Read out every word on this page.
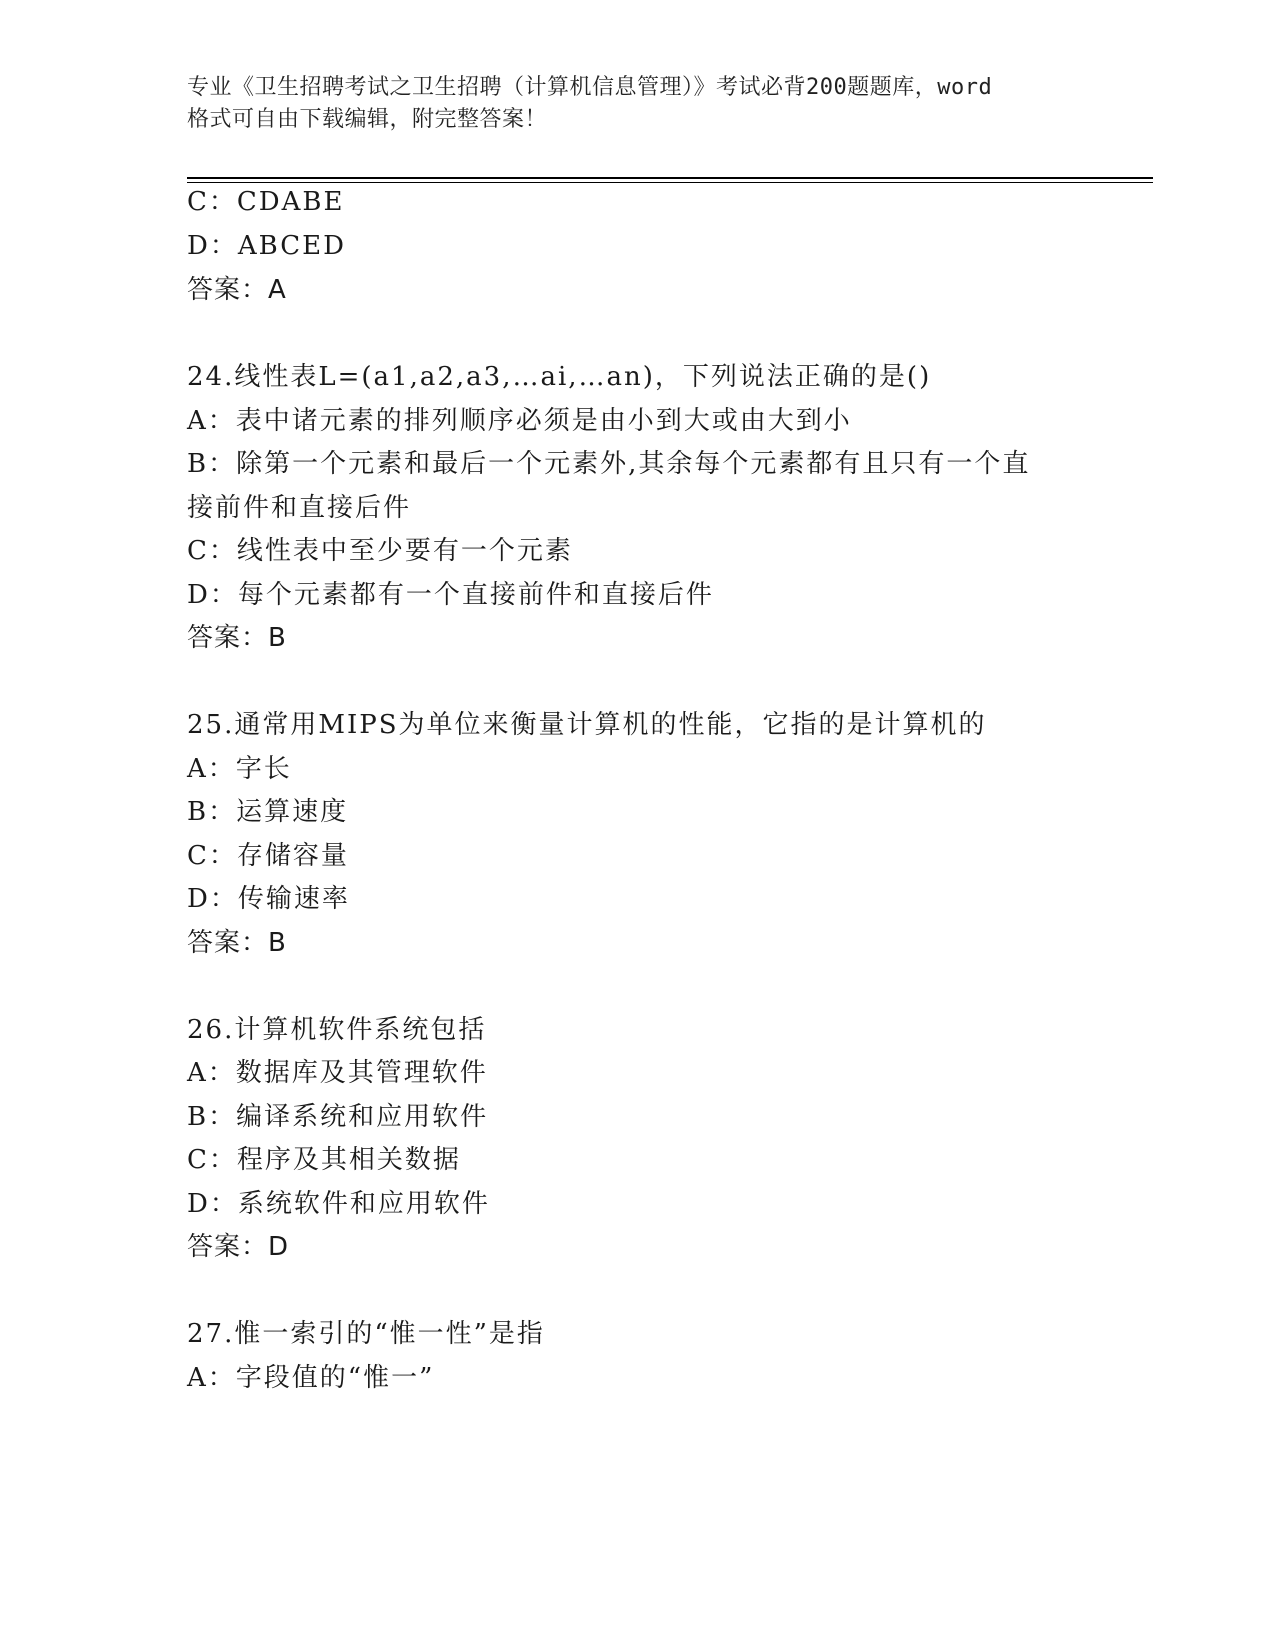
专业《卫生招聘考试之卫生招聘（计算机信息管理）》考试必背200题题库，word
格式可自由下载编辑，附完整答案！
C：CDABE
D：ABCED
答案：A
24.线性表L=(a1,a2,a3,…ai,…an)，下列说法正确的是()
A：表中诸元素的排列顺序必须是由小到大或由大到小
B：除第一个元素和最后一个元素外,其余每个元素都有且只有一个直
接前件和直接后件
C：线性表中至少要有一个元素
D：每个元素都有一个直接前件和直接后件
答案：B
25.通常用MIPS为单位来衡量计算机的性能，它指的是计算机的
A：字长
B：运算速度
C：存储容量
D：传输速率
答案：B
26.计算机软件系统包括
A：数据库及其管理软件
B：编译系统和应用软件
C：程序及其相关数据
D：系统软件和应用软件
答案：D
27.惟一索引的“惟一性”是指
A：字段值的“惟一”
